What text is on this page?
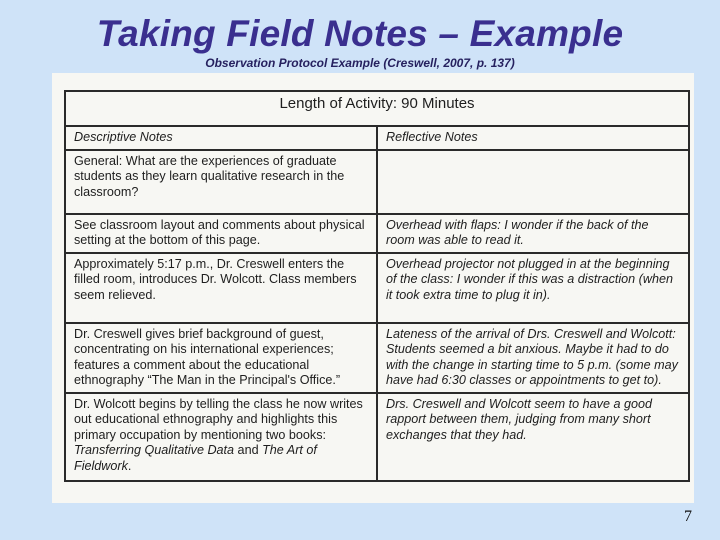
Taking Field Notes – Example
Observation Protocol Example (Creswell, 2007, p. 137)
Length of Activity: 90 Minutes	
Descriptive Notes	Reflective Notes
General: What are the experiences of graduate students as they learn qualitative research in the classroom?	
See classroom layout and comments about physical setting at the bottom of this page.	Overhead with flaps: I wonder if the back of the room was able to read it.
Approximately 5:17 p.m., Dr. Creswell enters the filled room, introduces Dr. Wolcott. Class members seem relieved.	Overhead projector not plugged in at the beginning of the class: I wonder if this was a distraction (when it took extra time to plug it in).
Dr. Creswell gives brief background of guest, concentrating on his international experiences; features a comment about the educational ethnography “The Man in the Principal's Office.”	Lateness of the arrival of Drs. Creswell and Wolcott: Students seemed a bit anxious. Maybe it had to do with the change in starting time to 5 p.m. (some may have had 6:30 classes or appointments to get to).
Dr. Wolcott begins by telling the class he now writes out educational ethnography and highlights this primary occupation by mentioning two books: Transferring Qualitative Data and The Art of Fieldwork.	Drs. Creswell and Wolcott seem to have a good rapport between them, judging from many short exchanges that they had.
7
